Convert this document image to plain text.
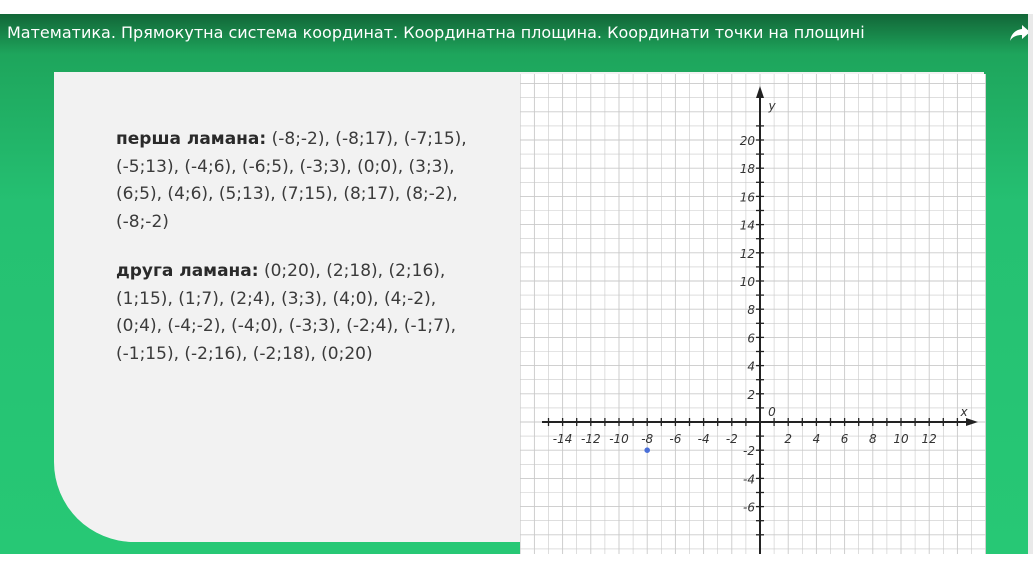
Математика. Прямокутна система координат. Координатна площина. Координати точки на площині
перша ламана: (-8;-2), (-8;17), (-7;15), (-5;13), (-4;6), (-6;5), (-3;3), (0;0), (3;3), (6;5), (4;6), (5;13), (7;15), (8;17), (8;-2), (-8;-2)
друга ламана: (0;20), (2;18), (2;16), (1;15), (1;7), (2;4), (3;3), (4;0), (4;-2), (0;4), (-4;-2), (-4;0), (-3;3), (-2;4), (-1;7), (-1;15), (-2;16), (-2;18), (0;20)
-14 -12 -10 -8 -6 -4 -2	2 4 6 8 10 12
20
18
16
14
12
10
8
6
4
2
-2
-4
-6
0	x
y
